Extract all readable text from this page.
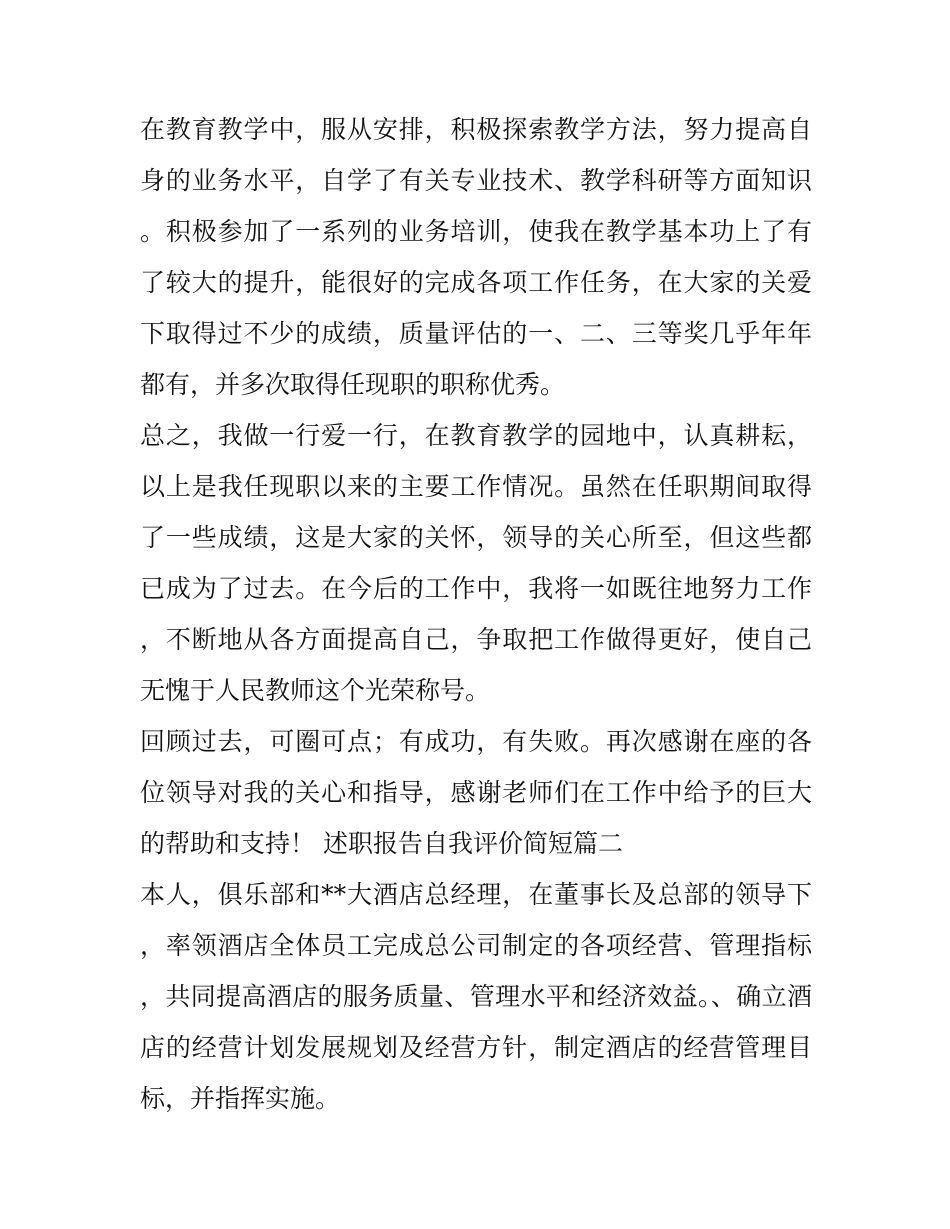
在教育教学中，服从安排，积极探索教学方法，努力提高自身的业务水平，自学了有关专业技术、教学科研等方面知识。积极参加了一系列的业务培训，使我在教学基本功上了有了较大的提升，能很好的完成各项工作任务，在大家的关爱下取得过不少的成绩，质量评估的一、二、三等奖几乎年年都有，并多次取得任现职的职称优秀。

总之，我做一行爱一行，在教育教学的园地中，认真耕耘，以上是我任现职以来的主要工作情况。虽然在任职期间取得了一些成绩，这是大家的关怀，领导的关心所至，但这些都已成为了过去。在今后的工作中，我将一如既往地努力工作，不断地从各方面提高自己，争取把工作做得更好，使自己无愧于人民教师这个光荣称号。

回顾过去，可圈可点；有成功，有失败。再次感谢在座的各位领导对我的关心和指导，感谢老师们在工作中给予的巨大的帮助和支持！ 述职报告自我评价简短篇二

本人，俱乐部和**大酒店总经理，在董事长及总部的领导下，率领酒店全体员工完成总公司制定的各项经营、管理指标，共同提高酒店的服务质量、管理水平和经济效益。、确立酒店的经营计划发展规划及经营方针，制定酒店的经营管理目标，并指挥实施。
